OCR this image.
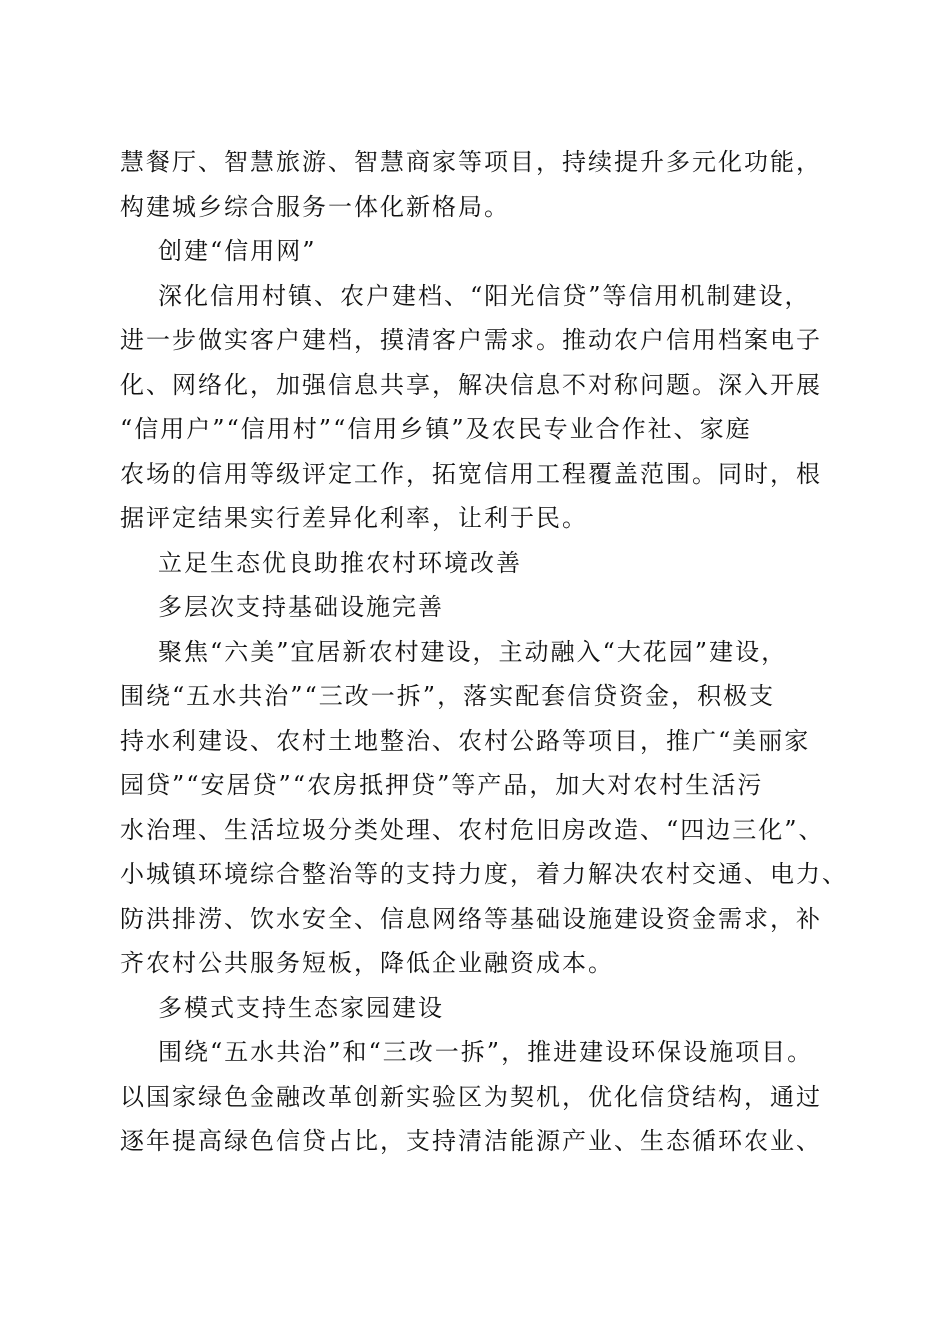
慧餐厅、智慧旅游、智慧商家等项目，持续提升多元化功能，
构建城乡综合服务一体化新格局。
创建“信用网”
深化信用村镇、农户建档、“阳光信贷”等信用机制建设，
进一步做实客户建档，摸清客户需求。推动农户信用档案电子
化、网络化，加强信息共享，解决信息不对称问题。深入开展
“信用户”“信用村”“信用乡镇”及农民专业合作社、家庭
农场的信用等级评定工作，拓宽信用工程覆盖范围。同时，根
据评定结果实行差异化利率，让利于民。
立足生态优良助推农村环境改善
多层次支持基础设施完善
聚焦“六美”宜居新农村建设，主动融入“大花园”建设，
围绕“五水共治”“三改一拆”，落实配套信贷资金，积极支
持水利建设、农村土地整治、农村公路等项目，推广“美丽家
园贷”“安居贷”“农房抵押贷”等产品，加大对农村生活污
水治理、生活垃圾分类处理、农村危旧房改造、“四边三化”、
小城镇环境综合整治等的支持力度，着力解决农村交通、电力、
防洪排涝、饮水安全、信息网络等基础设施建设资金需求，补
齐农村公共服务短板，降低企业融资成本。
多模式支持生态家园建设
围绕“五水共治”和“三改一拆”，推进建设环保设施项目。
以国家绿色金融改革创新实验区为契机，优化信贷结构，通过
逐年提高绿色信贷占比，支持清洁能源产业、生态循环农业、
